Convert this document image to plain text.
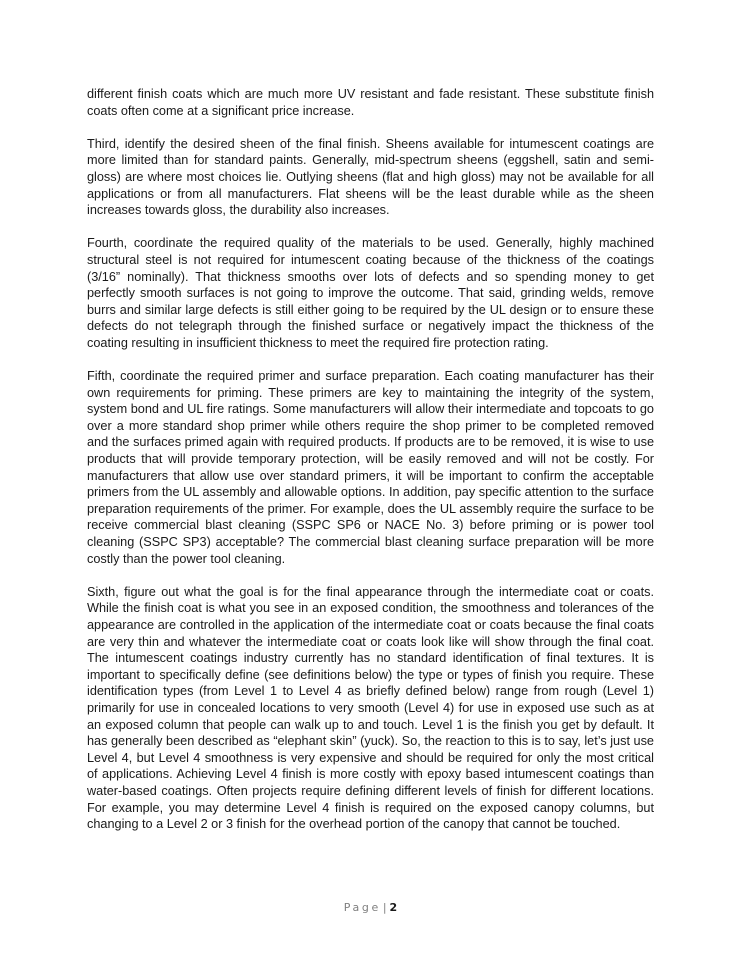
different finish coats which are much more UV resistant and fade resistant. These substitute finish coats often come at a significant price increase.

Third, identify the desired sheen of the final finish. Sheens available for intumescent coatings are more limited than for standard paints. Generally, mid-spectrum sheens (eggshell, satin and semi-gloss) are where most choices lie. Outlying sheens (flat and high gloss) may not be available for all applications or from all manufacturers. Flat sheens will be the least durable while as the sheen increases towards gloss, the durability also increases.

Fourth, coordinate the required quality of the materials to be used. Generally, highly machined structural steel is not required for intumescent coating because of the thickness of the coatings (3/16” nominally). That thickness smooths over lots of defects and so spending money to get perfectly smooth surfaces is not going to improve the outcome. That said, grinding welds, remove burrs and similar large defects is still either going to be required by the UL design or to ensure these defects do not telegraph through the finished surface or negatively impact the thickness of the coating resulting in insufficient thickness to meet the required fire protection rating.

Fifth, coordinate the required primer and surface preparation. Each coating manufacturer has their own requirements for priming. These primers are key to maintaining the integrity of the system, system bond and UL fire ratings. Some manufacturers will allow their intermediate and topcoats to go over a more standard shop primer while others require the shop primer to be completed removed and the surfaces primed again with required products. If products are to be removed, it is wise to use products that will provide temporary protection, will be easily removed and will not be costly. For manufacturers that allow use over standard primers, it will be important to confirm the acceptable primers from the UL assembly and allowable options. In addition, pay specific attention to the surface preparation requirements of the primer. For example, does the UL assembly require the surface to be receive commercial blast cleaning (SSPC SP6 or NACE No. 3) before priming or is power tool cleaning (SSPC SP3) acceptable? The commercial blast cleaning surface preparation will be more costly than the power tool cleaning.

Sixth, figure out what the goal is for the final appearance through the intermediate coat or coats. While the finish coat is what you see in an exposed condition, the smoothness and tolerances of the appearance are controlled in the application of the intermediate coat or coats because the final coats are very thin and whatever the intermediate coat or coats look like will show through the final coat. The intumescent coatings industry currently has no standard identification of final textures. It is important to specifically define (see definitions below) the type or types of finish you require. These identification types (from Level 1 to Level 4 as briefly defined below) range from rough (Level 1) primarily for use in concealed locations to very smooth (Level 4) for use in exposed use such as at an exposed column that people can walk up to and touch. Level 1 is the finish you get by default. It has generally been described as “elephant skin” (yuck). So, the reaction to this is to say, let’s just use Level 4, but Level 4 smoothness is very expensive and should be required for only the most critical of applications. Achieving Level 4 finish is more costly with epoxy based intumescent coatings than water-based coatings. Often projects require defining different levels of finish for different locations. For example, you may determine Level 4 finish is required on the exposed canopy columns, but changing to a Level 2 or 3 finish for the overhead portion of the canopy that cannot be touched.

Page | 2
